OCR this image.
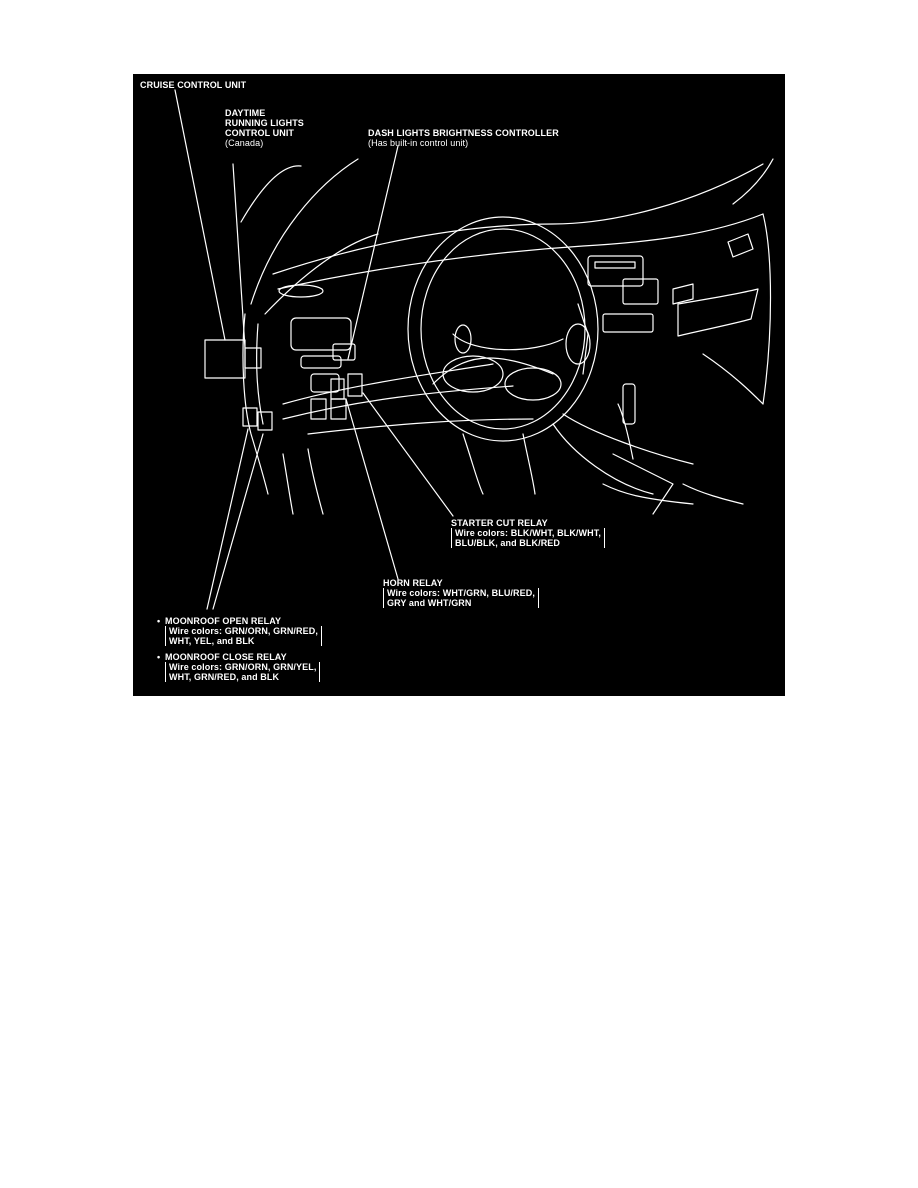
CRUISE CONTROL UNIT
DAYTIME
RUNNING LIGHTS
CONTROL UNIT
(Canada)
DASH LIGHTS BRIGHTNESS CONTROLLER
(Has built-in control unit)
STARTER CUT RELAY
Wire colors: BLK/WHT, BLK/WHT,
BLU/BLK, and BLK/RED
HORN RELAY
Wire colors: WHT/GRN, BLU/RED,
GRY and WHT/GRN
• MOONROOF OPEN RELAY
Wire colors: GRN/ORN, GRN/RED,
WHT, YEL, and BLK
• MOONROOF CLOSE RELAY
Wire colors: GRN/ORN, GRN/YEL,
WHT, GRN/RED, and BLK
